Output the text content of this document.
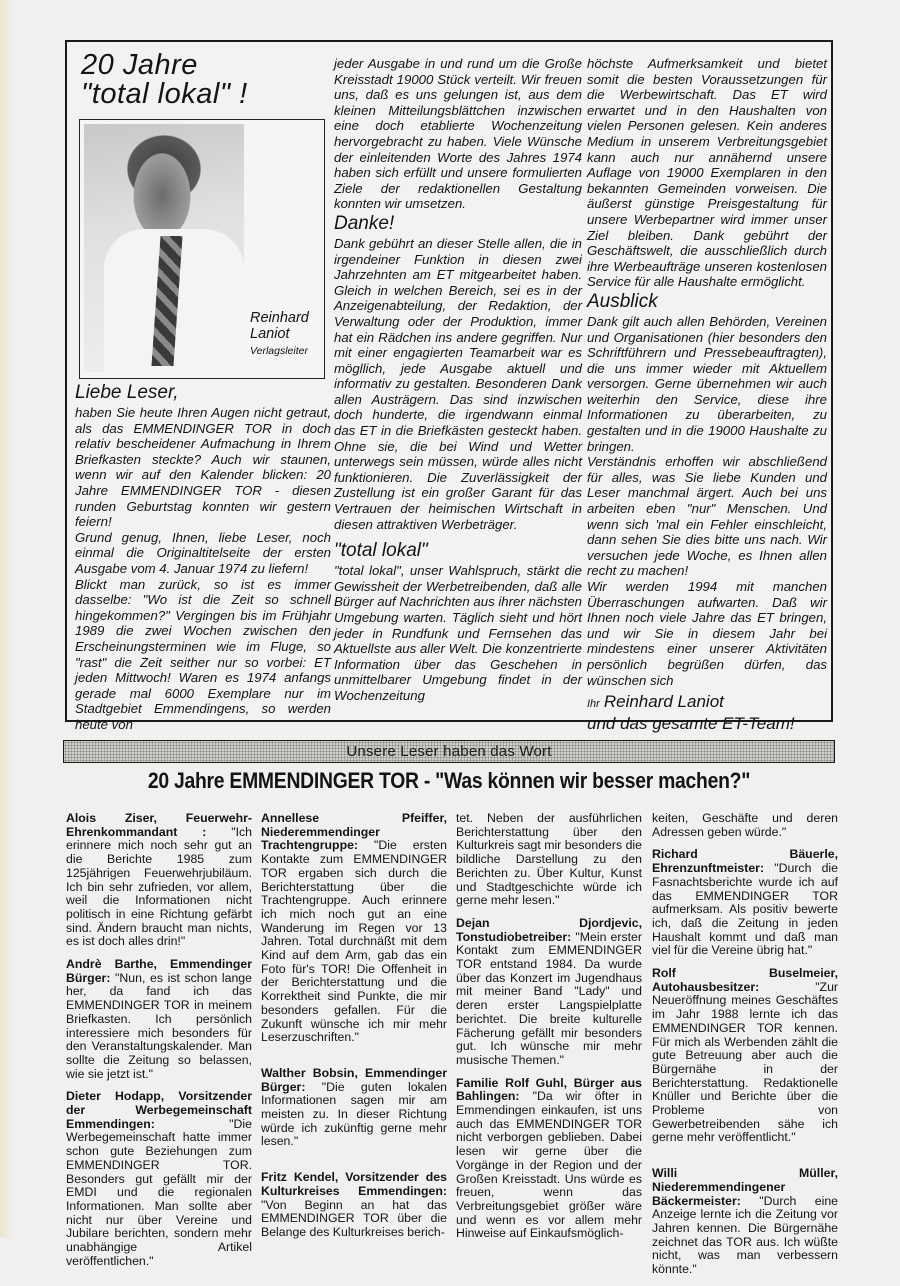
20 Jahre
"total lokal" !
Reinhard
Laniot
Verlagsleiter
Liebe Leser,

haben Sie heute Ihren Augen nicht getraut, als das EMMENDINGER TOR in doch relativ bescheidener Aufmachung in Ihrem Briefkasten steckte? Auch wir staunen, wenn wir auf den Kalender blicken: 20 Jahre EMMENDINGER TOR - diesen runden Geburtstag konnten wir gestern feiern!

Grund genug, Ihnen, liebe Leser, noch einmal die Originaltitelseite der ersten Ausgabe vom 4. Januar 1974 zu liefern!

Blickt man zurück, so ist es immer dasselbe: "Wo ist die Zeit so schnell hingekommen?" Vergingen bis im Frühjahr 1989 die zwei Wochen zwischen den Erscheinungsterminen wie im Fluge, so "rast" die Zeit seither nur so vorbei: ET jeden Mittwoch! Waren es 1974 anfangs gerade mal 6000 Exemplare nur im Stadtgebiet Emmendingens, so werden heute von

jeder Ausgabe in und rund um die Große Kreisstadt 19000 Stück verteilt. Wir freuen uns, daß es uns gelungen ist, aus dem kleinen Mitteilungsblättchen inzwischen eine doch etablierte Wochenzeitung hervorgebracht zu haben. Viele Wünsche der einleitenden Worte des Jahres 1974 haben sich erfüllt und unsere formulierten Ziele der redaktionellen Gestaltung konnten wir umsetzen.

Danke!

Dank gebührt an dieser Stelle allen, die in irgendeiner Funktion in diesen zwei Jahrzehnten am ET mitgearbeitet haben. Gleich in welchen Bereich, sei es in der Anzeigenabteilung, der Redaktion, der Verwaltung oder der Produktion, immer hat ein Rädchen ins andere gegriffen. Nur mit einer engagierten Teamarbeit war es mögllich, jede Ausgabe aktuell und informativ zu gestalten. Besonderen Dank allen Austrägern. Das sind inzwischen doch hunderte, die irgendwann einmal das ET in die Briefkästen gesteckt haben. Ohne sie, die bei Wind und Wetter unterwegs sein müssen, würde alles nicht funktionieren. Die Zuverlässigkeit der Zustellung ist ein großer Garant für das Vertrauen der heimischen Wirtschaft in diesen attraktiven Werbeträger.

"total lokal"

"total lokal", unser Wahlspruch, stärkt die Gewissheit der Werbetreibenden, daß alle Bürger auf Nachrichten aus ihrer nächsten Umgebung warten. Täglich sieht und hört jeder in Rundfunk und Fernsehen das Aktuellste aus aller Welt. Die konzentrierte Information über das Geschehen in unmittelbarer Umgebung findet in der Wochenzeitung

höchste Aufmerksamkeit und bietet somit die besten Voraussetzungen für die Werbewirtschaft. Das ET wird erwartet und in den Haushalten von vielen Personen gelesen. Kein anderes Medium in unserem Verbreitungsgebiet kann auch nur annähernd unsere Auflage von 19000 Exemplaren in den bekannten Gemeinden vorweisen. Die äußerst günstige Preisgestaltung für unsere Werbepartner wird immer unser Ziel bleiben. Dank gebührt der Geschäftswelt, die ausschließlich durch ihre Werbeaufträge unseren kostenlosen Service für alle Haushalte ermöglicht.

Ausblick

Dank gilt auch allen Behörden, Vereinen und Organisationen (hier besonders den Schriftführern und Pressebeauftragten), die uns immer wieder mit Aktuellem versorgen. Gerne übernehmen wir auch weiterhin den Service, diese ihre Informationen zu überarbeiten, zu gestalten und in die 19000 Haushalte zu bringen.

Verständnis erhoffen wir abschließend für alles, was Sie liebe Kunden und Leser manchmal ärgert. Auch bei uns arbeiten eben "nur" Menschen. Und wenn sich 'mal ein Fehler einschleicht, dann sehen Sie dies bitte uns nach. Wir versuchen jede Woche, es Ihnen allen recht zu machen!

Wir werden 1994 mit manchen Überraschungen aufwarten. Daß wir Ihnen noch viele Jahre das ET bringen, und wir Sie in diesem Jahr bei mindestens einer unserer Aktivitäten persönlich begrüßen dürfen, das wünschen sich

Ihr Reinhard Laniot
und das gesamte ET-Team!
Unsere Leser haben das Wort
20 Jahre EMMENDINGER TOR - "Was können wir besser machen?"

Alois Ziser, Feuerwehr-Ehrenkommandant : "Ich erinnere mich noch sehr gut an die Berichte 1985 zum 125jährigen Feuerwehrjubiläum. Ich bin sehr zufrieden, vor allem, weil die Informationen nicht politisch in eine Richtung gefärbt sind. Ändern braucht man nichts, es ist doch alles drin!"

Andrè Barthe, Emmendinger Bürger: "Nun, es ist schon lange her, da fand ich das EMMENDINGER TOR in meinem Briefkasten. Ich persönlich interessiere mich besonders für den Veranstaltungskalender. Man sollte die Zeitung so belassen, wie sie jetzt ist."

Dieter Hodapp, Vorsitzender der Werbegemeinschaft Emmendingen:	"Die Werbegemeinschaft hatte immer schon gute Beziehungen zum EMMENDINGER TOR. Besonders gut gefällt mir der EMDI und die regionalen Informationen. Man sollte aber nicht nur über Vereine und Jubilare berichten, sondern mehr unabhängige Artikel veröffentlichen."

Annellese Pfeiffer, Niederemmendinger Trachtengruppe: "Die ersten Kontakte zum EMMENDINGER TOR ergaben sich durch die Berichterstattung über die Trachtengruppe. Auch erinnere ich mich noch gut an eine Wanderung im Regen vor 13 Jahren. Total durchnäßt mit dem Kind auf dem Arm, gab das ein Foto für's TOR! Die Offenheit in der Berichterstattung und die Korrektheit sind Punkte, die mir besonders gefallen. Für die Zukunft wünsche ich mir mehr Leserzuschriften."

Walther Bobsin, Emmendinger Bürger: "Die guten lokalen Informationen sagen mir am meisten zu. In dieser Richtung würde ich zukünftig gerne mehr lesen."

Fritz Kendel, Vorsitzender des Kulturkreises Emmendingen: "Von Beginn an hat das EMMENDINGER TOR über die Belange des Kulturkreises berich-

tet. Neben der ausführlichen Berichterstattung über den Kulturkreis sagt mir besonders die bildliche Darstellung zu den Berichten zu. Über Kultur, Kunst und Stadtgeschichte würde ich gerne mehr lesen."

Dejan Djordjevic, Tonstudiobetreiber: "Mein erster Kontakt zum EMMENDINGER TOR entstand 1984. Da wurde über das Konzert im Jugendhaus mit meiner Band "Lady" und deren erster Langspielplatte berichtet. Die breite kulturelle Fächerung gefällt mir besonders gut. Ich wünsche mir mehr musische Themen."

Familie Rolf Guhl, Bürger aus Bahlingen: "Da wir öfter in Emmendingen einkaufen, ist uns auch das EMMENDINGER TOR nicht verborgen geblieben. Dabei lesen wir gerne über die Vorgänge in der Region und der Großen Kreisstadt. Uns würde es freuen, wenn das Verbreitungsgebiet größer wäre und wenn es vor allem mehr Hinweise auf Einkaufsmöglich-

keiten, Geschäfte und deren Adressen geben würde."

Richard Bäuerle, Ehrenzunftmeister: "Durch die Fasnachtsberichte wurde ich auf das EMMENDINGER TOR aufmerksam. Als positiv bewerte ich, daß die Zeitung in jeden Haushalt kommt und daß man viel für die Vereine übrig hat."

Rolf Buselmeier, Autohausbesitzer:	"Zur Neueröffnung meines Geschäftes im Jahr 1988 lernte ich das EMMENDINGER TOR kennen. Für mich als Werbenden zählt die gute Betreuung aber auch die Bürgernähe in der Berichterstattung. Redaktionelle Knüller und Berichte über die Probleme von Gewerbetreibenden sähe ich gerne mehr veröffentlicht."

Willi Müller, Niederemmendingener Bäckermeister: "Durch eine Anzeige lernte ich die Zeitung vor Jahren kennen. Die Bürgernähe zeichnet das TOR aus. Ich wüßte nicht, was man verbessern könnte."
